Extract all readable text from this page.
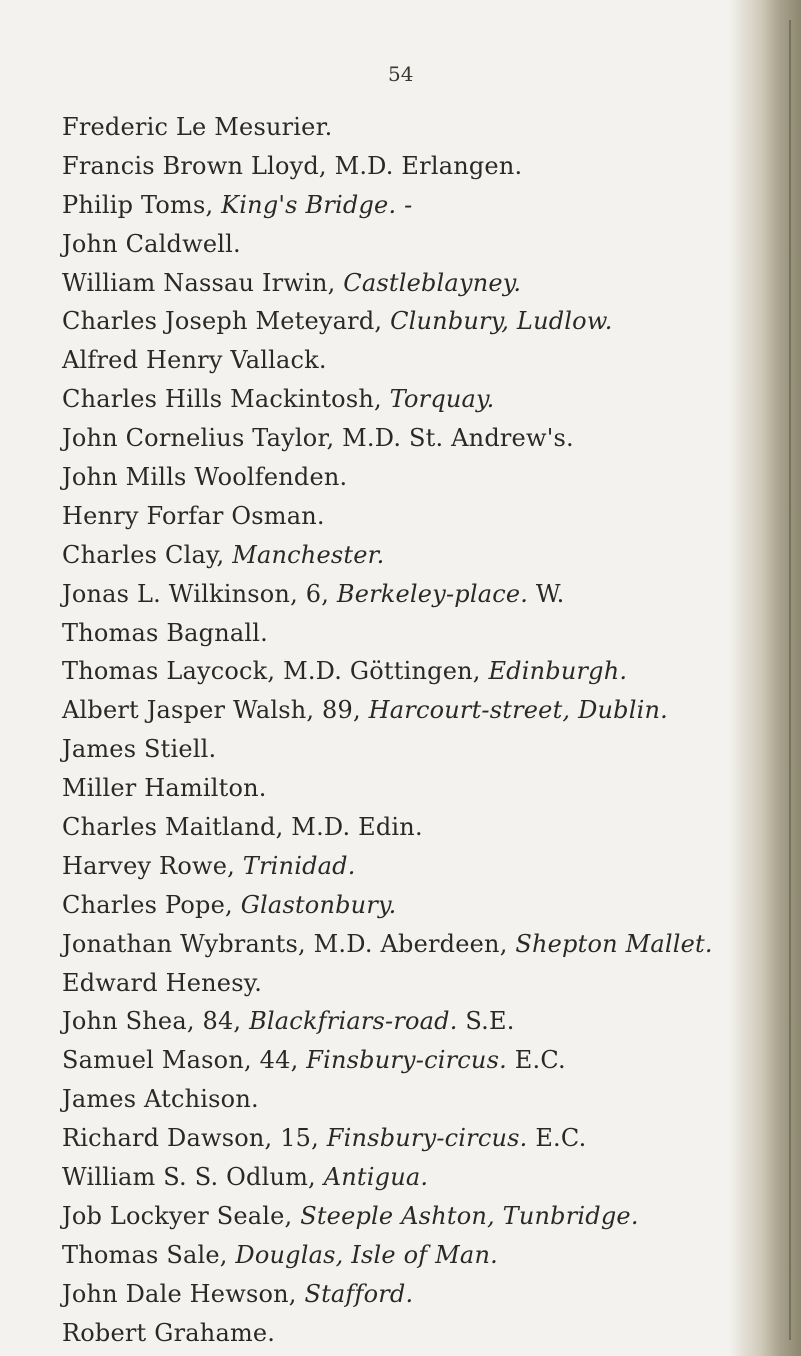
54
Frederic Le Mesurier.
Francis Brown Lloyd, M.D. Erlangen.
Philip Toms, King's Bridge. -
John Caldwell.
William Nassau Irwin, Castleblayney.
Charles Joseph Meteyard, Clunbury, Ludlow.
Alfred Henry Vallack.
Charles Hills Mackintosh, Torquay.
John Cornelius Taylor, M.D. St. Andrew's.
John Mills Woolfenden.
Henry Forfar Osman.
Charles Clay, Manchester.
Jonas L. Wilkinson, 6, Berkeley-place. W.
Thomas Bagnall.
Thomas Laycock, M.D. Göttingen, Edinburgh.
Albert Jasper Walsh, 89, Harcourt-street, Dublin.
James Stiell.
Miller Hamilton.
Charles Maitland, M.D. Edin.
Harvey Rowe, Trinidad.
Charles Pope, Glastonbury.
Jonathan Wybrants, M.D. Aberdeen, Shepton Mallet.
Edward Henesy.
John Shea, 84, Blackfriars-road. S.E.
Samuel Mason, 44, Finsbury-circus. E.C.
James Atchison.
Richard Dawson, 15, Finsbury-circus. E.C.
William S. S. Odlum, Antigua.
Job Lockyer Seale, Steeple Ashton, Tunbridge.
Thomas Sale, Douglas, Isle of Man.
John Dale Hewson, Stafford.
Robert Grahame.
